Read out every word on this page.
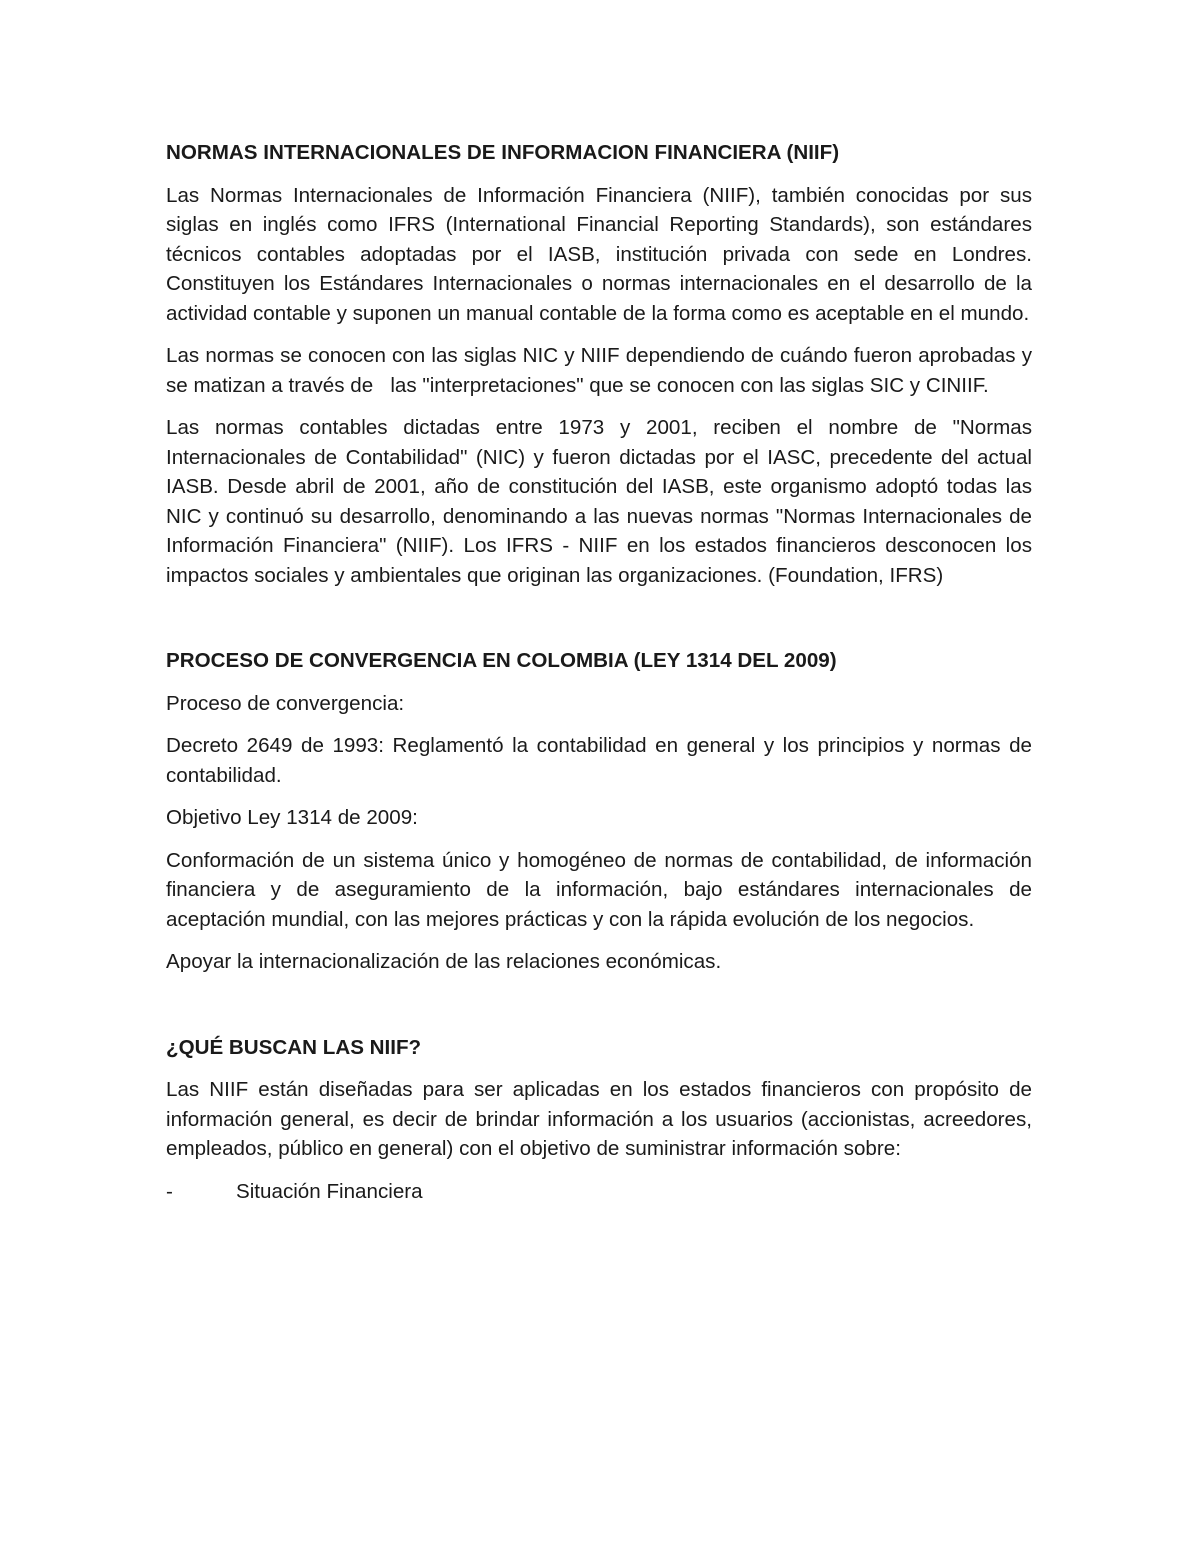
NORMAS INTERNACIONALES DE INFORMACION FINANCIERA (NIIF)

Las Normas Internacionales de Información Financiera (NIIF), también conocidas por sus siglas en inglés como IFRS (International Financial Reporting Standards), son estándares técnicos contables adoptadas por el IASB, institución privada con sede en Londres. Constituyen los Estándares Internacionales o normas internacionales en el desarrollo de la actividad contable y suponen un manual contable de la forma como es aceptable en el mundo.

Las normas se conocen con las siglas NIC y NIIF dependiendo de cuándo fueron aprobadas y se matizan a través de   las "interpretaciones" que se conocen con las siglas SIC y CINIIF.

Las normas contables dictadas entre 1973 y 2001, reciben el nombre de "Normas Internacionales de Contabilidad" (NIC) y fueron dictadas por el IASC, precedente del actual IASB. Desde abril de 2001, año de constitución del IASB, este organismo adoptó todas las NIC y continuó su desarrollo, denominando a las nuevas normas "Normas Internacionales de Información Financiera" (NIIF). Los IFRS - NIIF en los estados financieros desconocen los impactos sociales y ambientales que originan las organizaciones. (Foundation, IFRS)

PROCESO DE CONVERGENCIA EN COLOMBIA (LEY 1314 DEL 2009)

Proceso de convergencia:

Decreto 2649 de 1993: Reglamentó la contabilidad en general y los principios y normas de contabilidad.

Objetivo Ley 1314 de 2009:

Conformación de un sistema único y homogéneo de normas de contabilidad, de información financiera y de aseguramiento de la información, bajo estándares internacionales de aceptación mundial, con las mejores prácticas y con la rápida evolución de los negocios.

Apoyar la internacionalización de las relaciones económicas.

¿QUÉ BUSCAN LAS NIIF?

Las NIIF están diseñadas para ser aplicadas en los estados financieros con propósito de información general, es decir de brindar información a los usuarios (accionistas, acreedores, empleados, público en general) con el objetivo de suministrar información sobre:

-	Situación Financiera
